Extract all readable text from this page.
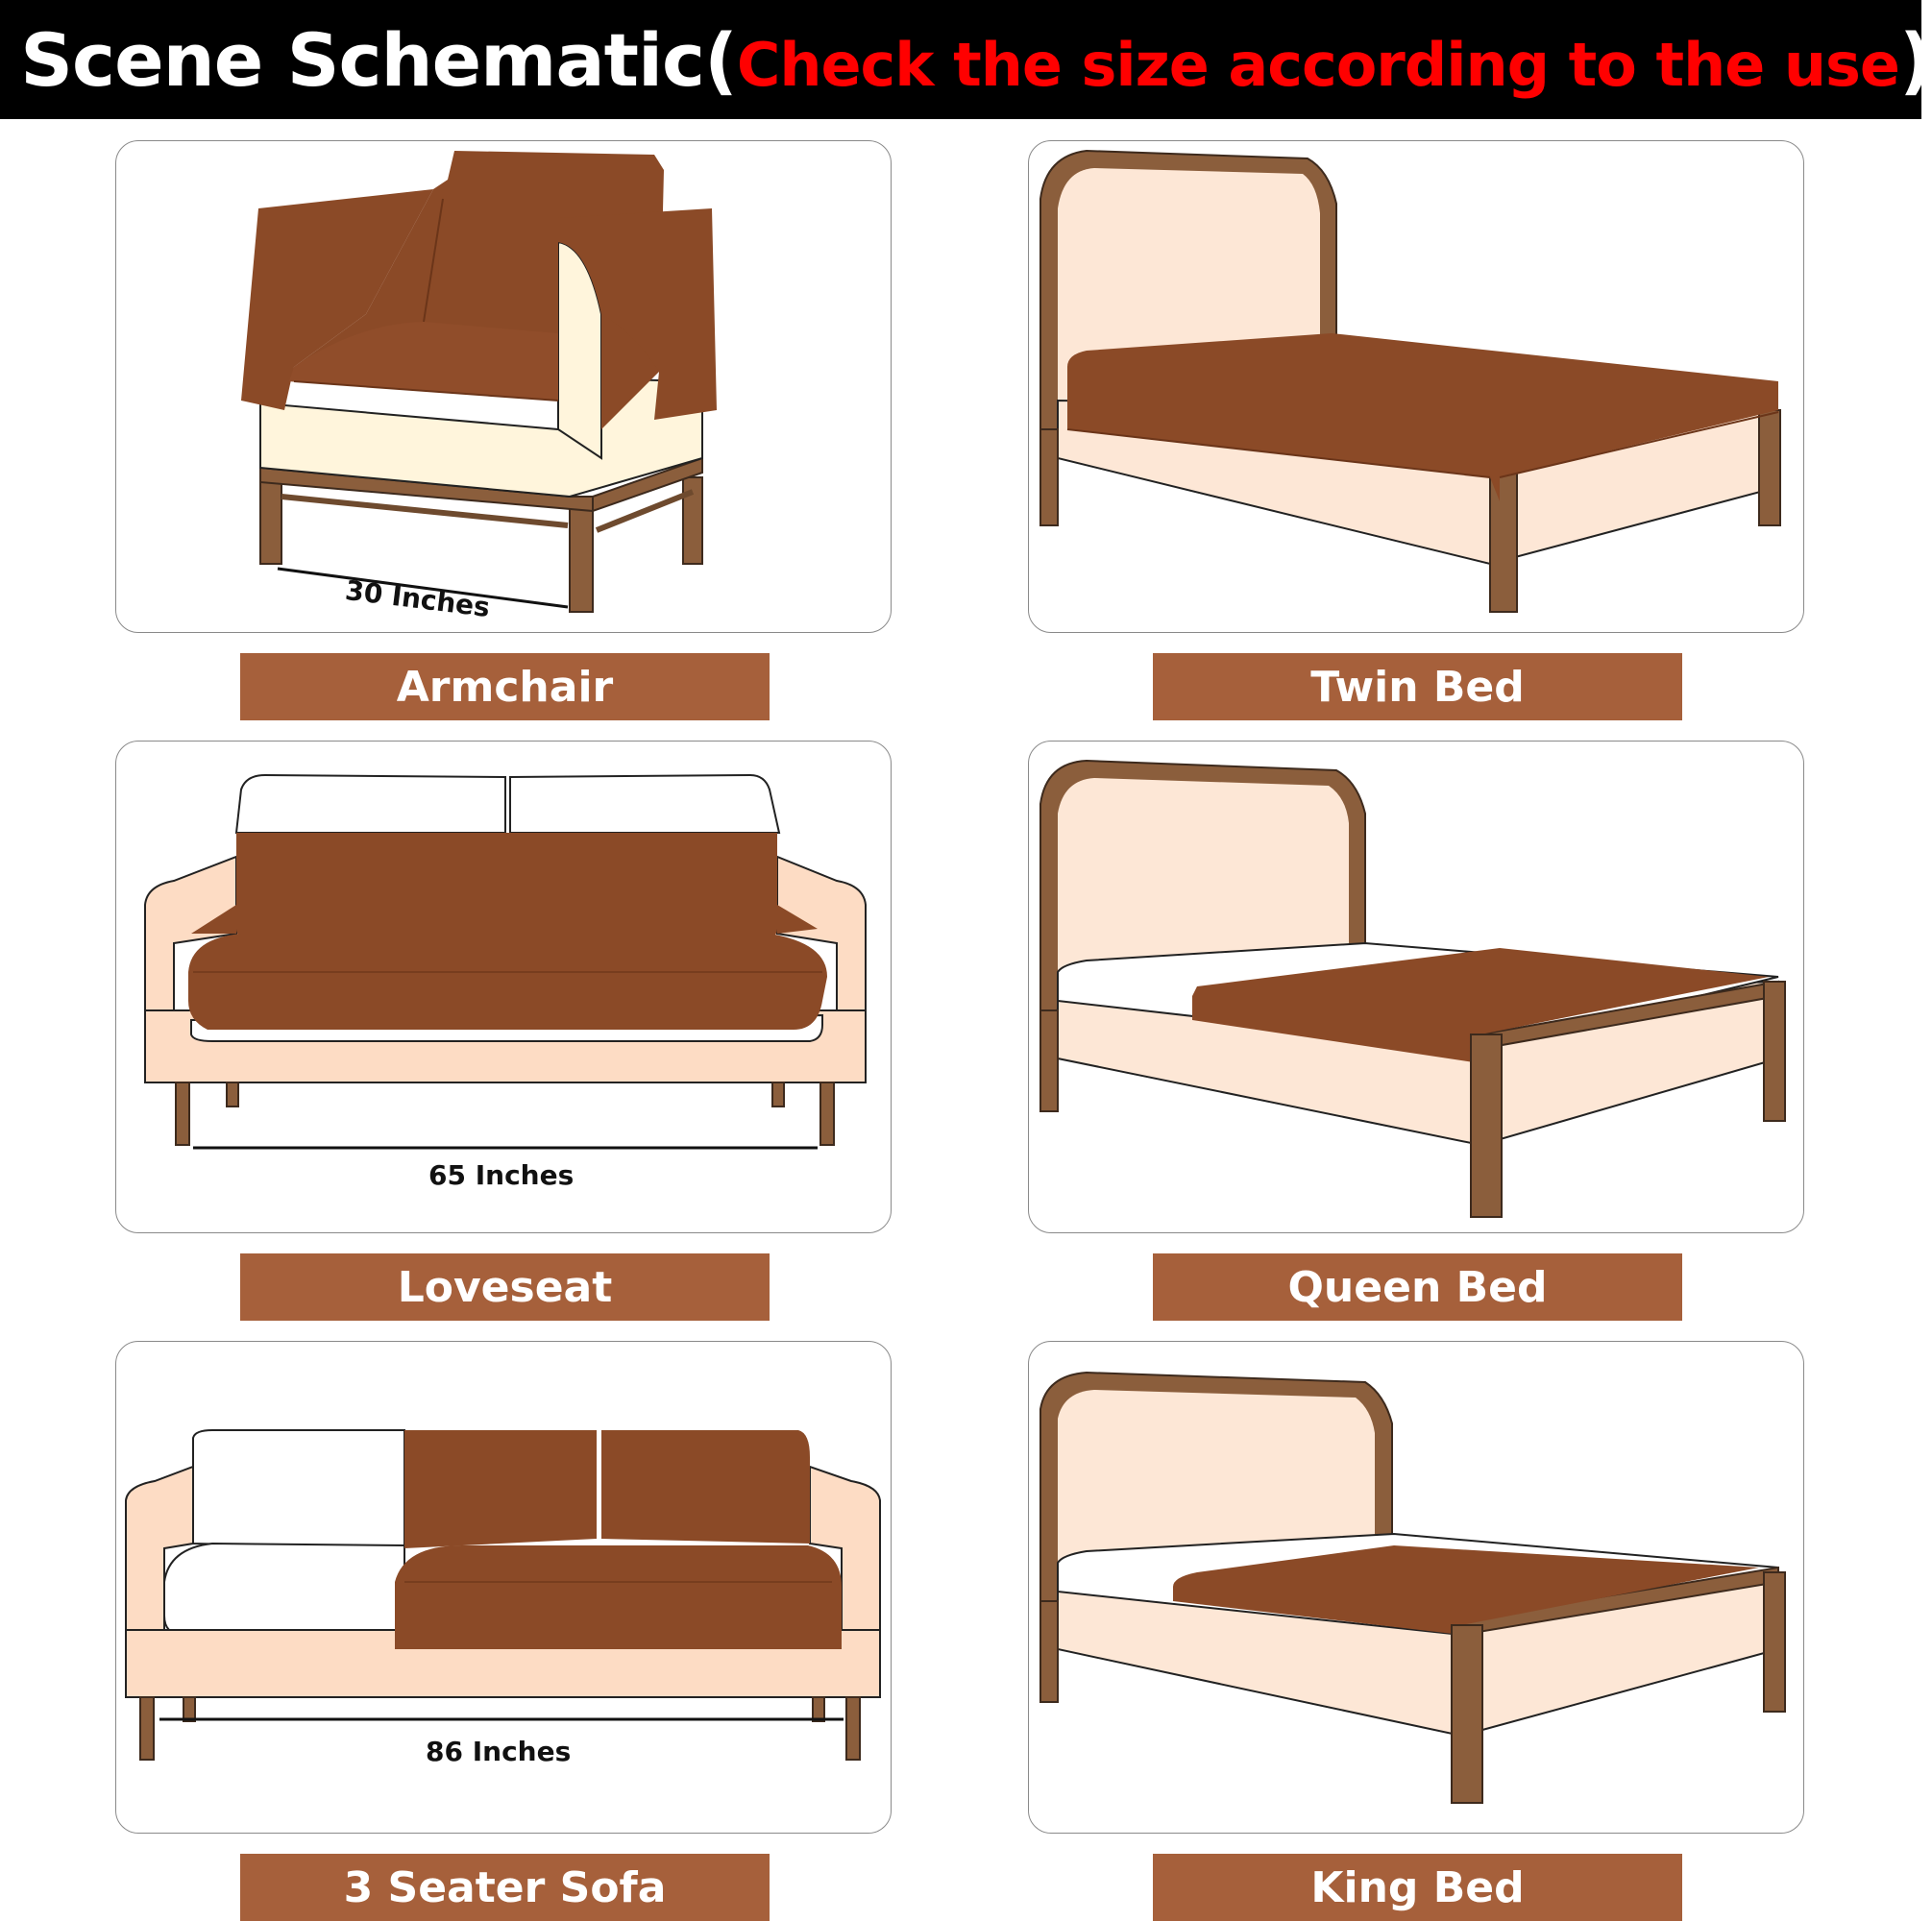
Scene Schematic(Check the size according to the use)
30 Inches
Armchair	Twin Bed
65 Inches
Loveseat	Queen Bed
86 Inches
3 Seater Sofa	King Bed
